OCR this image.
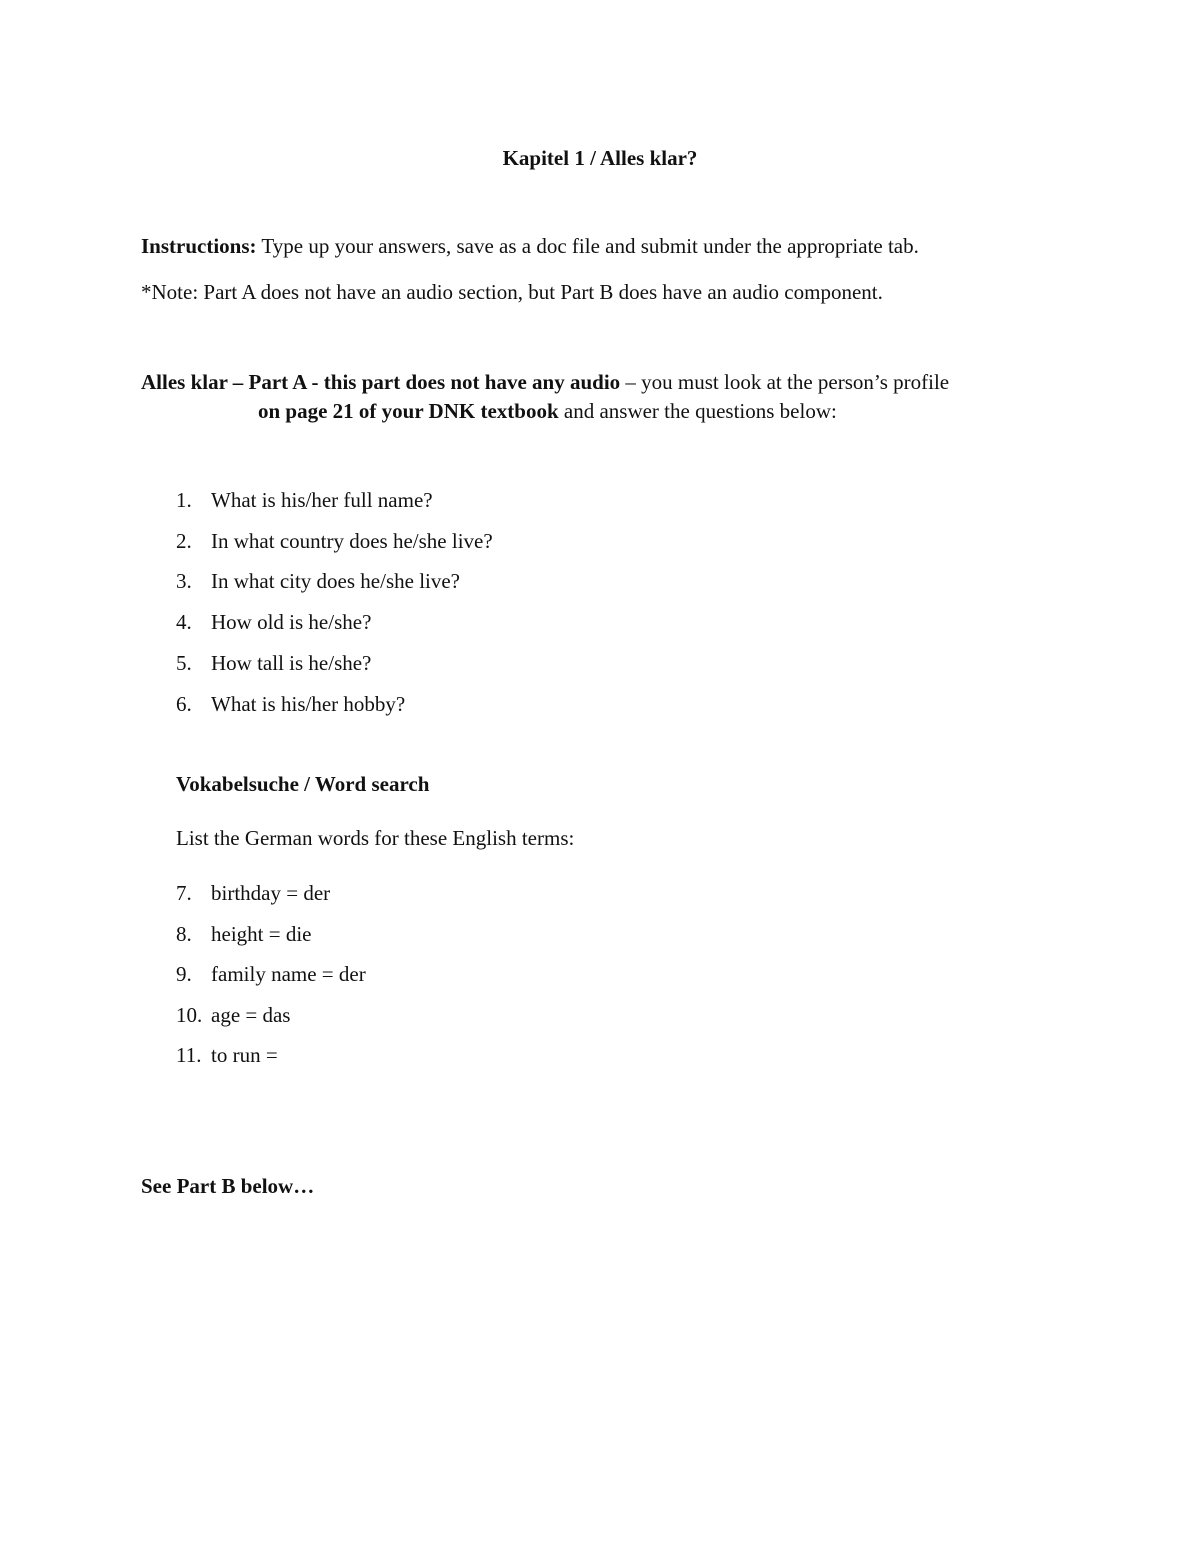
Kapitel 1 / Alles klar?
Instructions: Type up your answers, save as a doc file and submit under the appropriate tab.
*Note: Part A does not have an audio section, but Part B does have an audio component.
Alles klar – Part A - this part does not have any audio – you must look at the person’s profile
on page 21 of your DNK textbook and answer the questions below:
1. What is his/her full name?
2. In what country does he/she live?
3. In what city does he/she live?
4. How old is he/she?
5. How tall is he/she?
6. What is his/her hobby?
Vokabelsuche / Word search
List the German words for these English terms:
7. birthday = der
8. height = die
9. family name = der
10. age = das
11. to run =
See Part B below…
